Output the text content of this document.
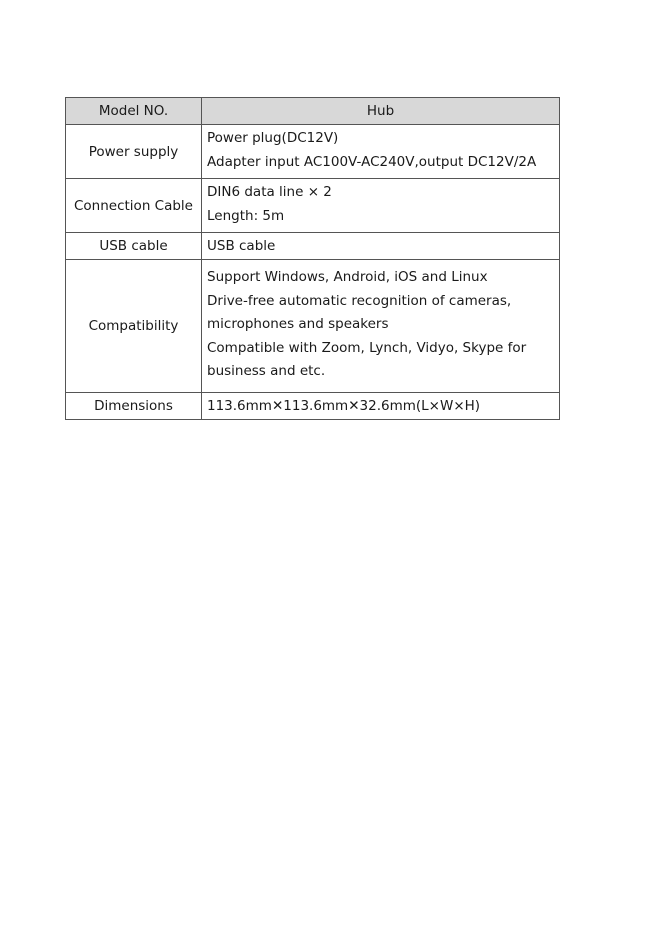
Model NO.	Hub
Power supply	Power plug(DC12V)
Adapter input AC100V-AC240V,output DC12V/2A

Connection Cable	DIN6 data line × 2
Length: 5m

USB cable	USB cable

Compatibility	Support Windows, Android, iOS and Linux
Drive-free automatic recognition of cameras,
microphones and speakers
Compatible with Zoom, Lynch, Vidyo, Skype for
business and etc.

Dimensions	113.6mm✕113.6mm✕32.6mm(L×W×H)
